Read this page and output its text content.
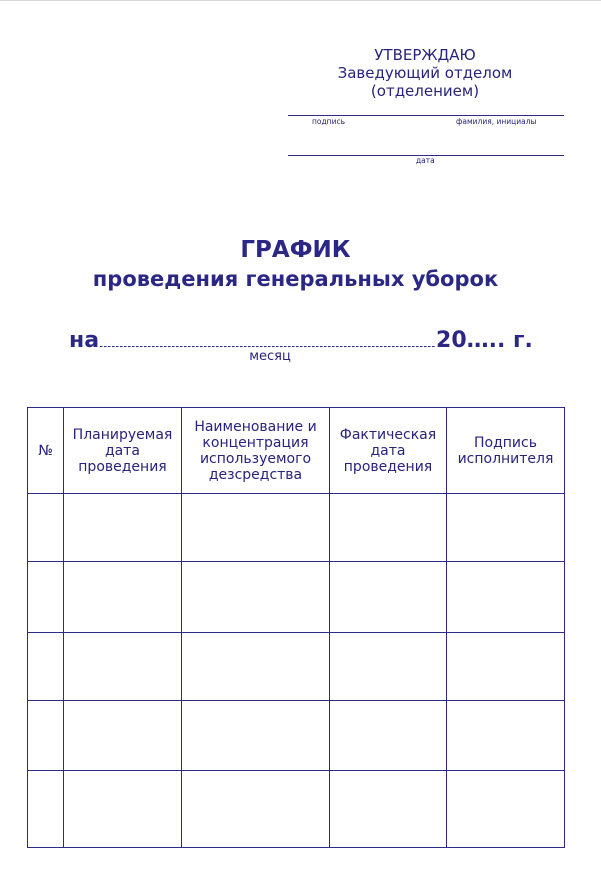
УТВЕРЖДАЮ
Заведующий отделом (отделением)
подпись	фамилия, инициалы
дата
ГРАФИК
проведения генеральных уборок
на	20….. г.
месяц
№	Планируемая дата проведения	Наименование и концентрация используемого дезсредства	Фактическая дата проведения	Подпись исполнителя
